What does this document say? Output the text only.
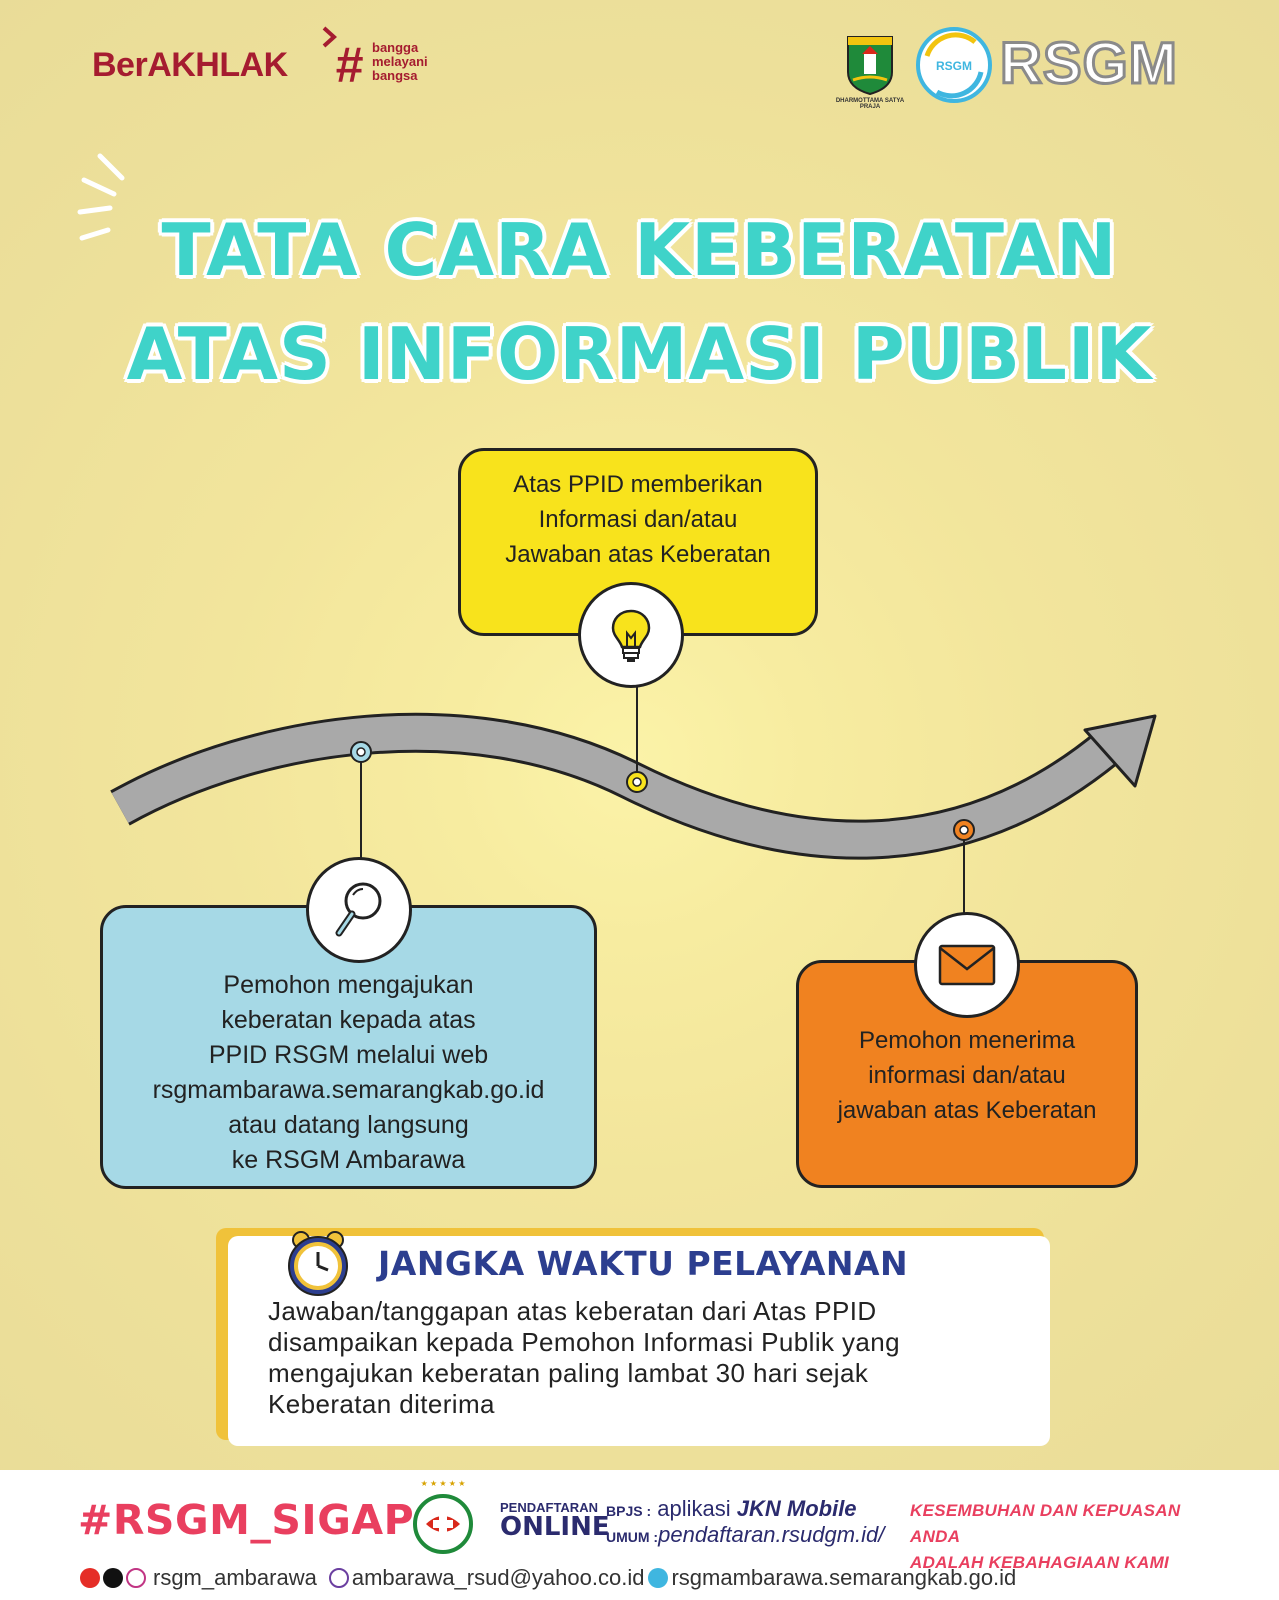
BerAKHLAK # bangga
melayani
bangsa
DHARMOTTAMA SATYA PRAJA
RSGM RSGM
TATA CARA KEBERATAN
ATAS INFORMASI PUBLIK

Atas PPID memberikan

Informasi dan/atau

Jawaban atas Keberatan

Pemohon mengajukan

keberatan kepada atas

PPID RSGM melalui web

rsgmambarawa.semarangkab.go.id

atau datang langsung

ke RSGM Ambarawa

Pemohon menerima

informasi dan/atau

jawaban atas Keberatan

JANGKA WAKTU PELAYANAN
Jawaban/tanggapan atas keberatan dari Atas PPID
disampaikan kepada Pemohon Informasi Publik yang
mengajukan keberatan paling lambat 30 hari sejak
Keberatan diterima
#RSGM_SIGAP
★ ★ ★ ★ ★
PENDAFTARAN
ONLINE
BPJS : aplikasi JKN Mobile
UMUM :pendaftaran.rsudgm.id/
KESEMBUHAN DAN KEPUASAN ANDA
ADALAH KEBAHAGIAAN KAMI
rsgm_ambarawa ambarawa_rsud@yahoo.co.id rsgmambarawa.semarangkab.go.id
